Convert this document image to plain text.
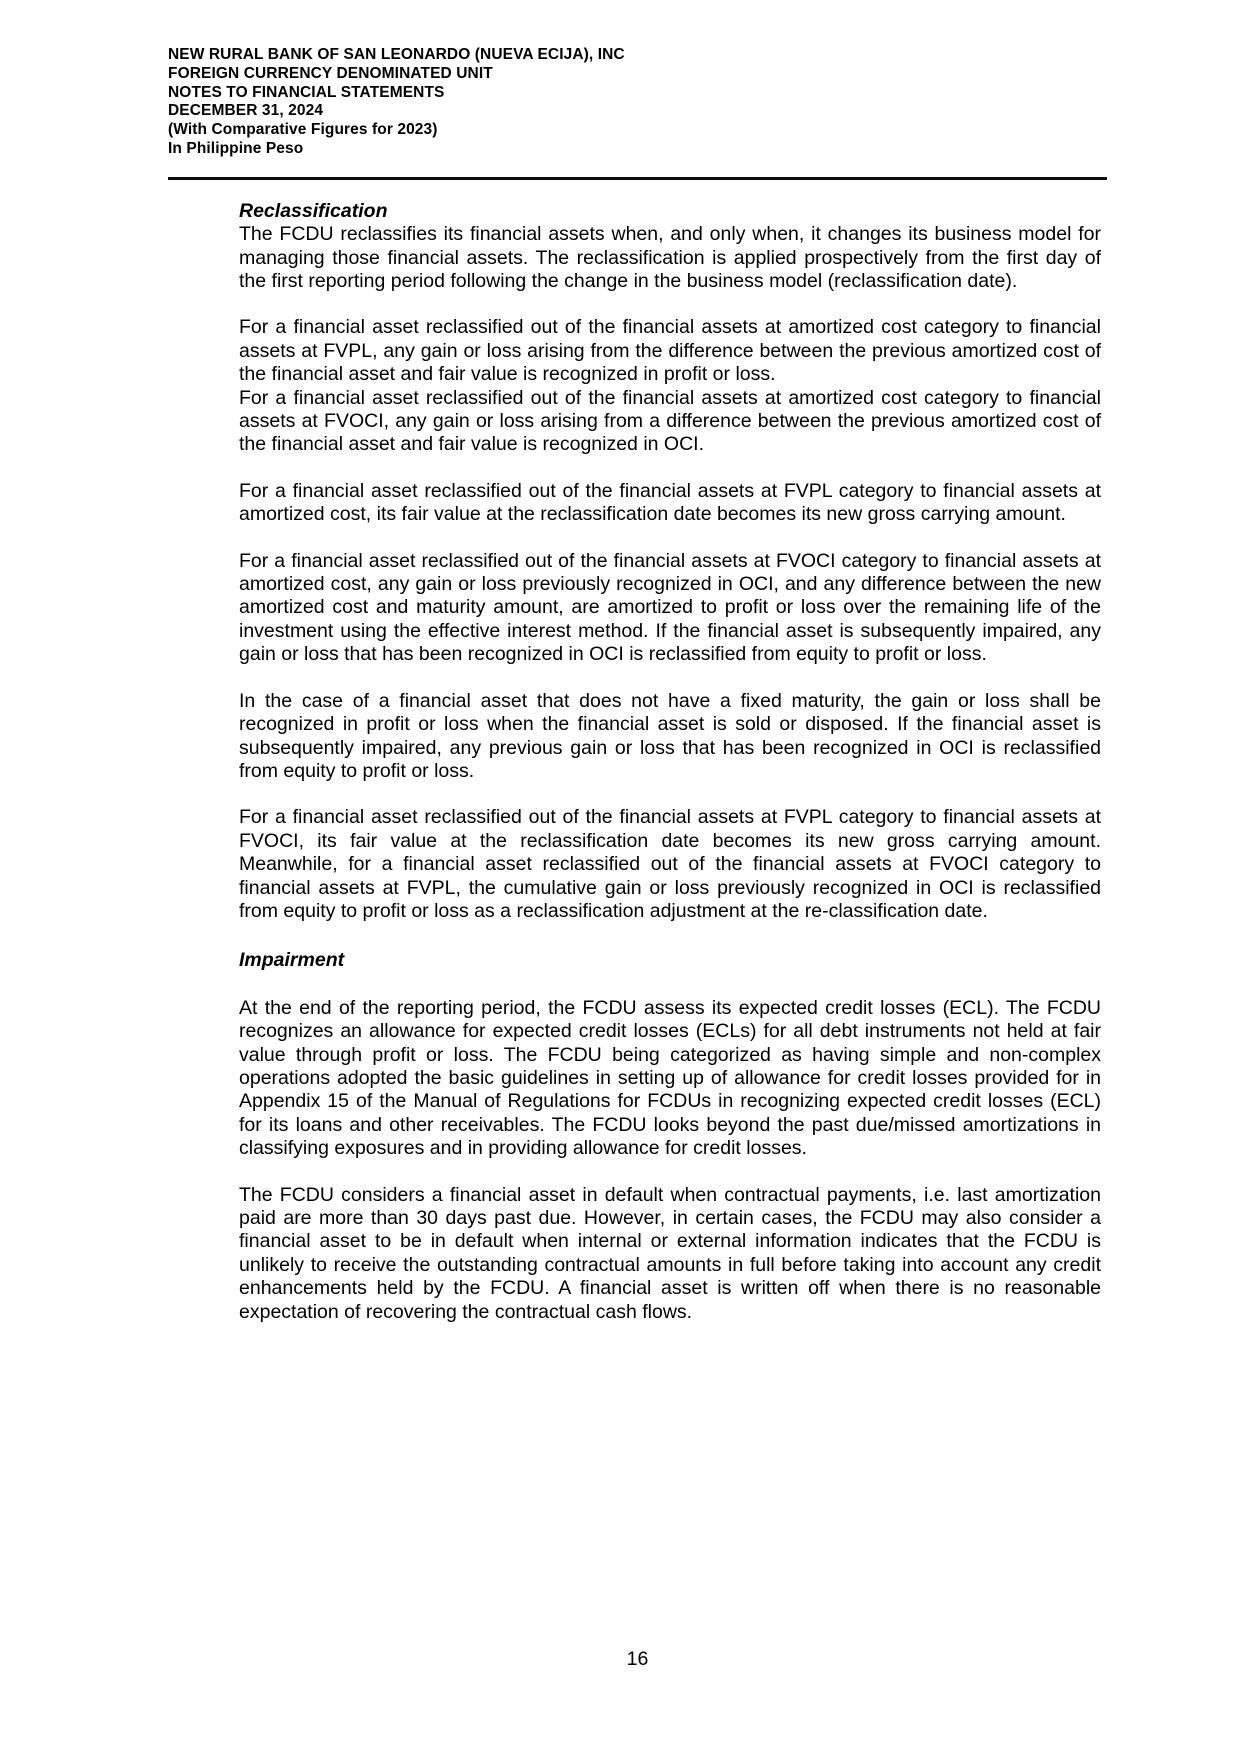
NEW RURAL BANK OF SAN LEONARDO (NUEVA ECIJA), INC
FOREIGN CURRENCY DENOMINATED UNIT
NOTES TO FINANCIAL STATEMENTS
DECEMBER 31, 2024
(With Comparative Figures for 2023)
In Philippine Peso
Reclassification

The FCDU reclassifies its financial assets when, and only when, it changes its business model for managing those financial assets. The reclassification is applied prospectively from the first day of the first reporting period following the change in the business model (reclassification date).

For a financial asset reclassified out of the financial assets at amortized cost category to financial assets at FVPL, any gain or loss arising from the difference between the previous amortized cost of the financial asset and fair value is recognized in profit or loss.

For a financial asset reclassified out of the financial assets at amortized cost category to financial assets at FVOCI, any gain or loss arising from a difference between the previous amortized cost of the financial asset and fair value is recognized in OCI.

For a financial asset reclassified out of the financial assets at FVPL category to financial assets at amortized cost, its fair value at the reclassification date becomes its new gross carrying amount.

For a financial asset reclassified out of the financial assets at FVOCI category to financial assets at amortized cost, any gain or loss previously recognized in OCI, and any difference between the new amortized cost and maturity amount, are amortized to profit or loss over the remaining life of the investment using the effective interest method. If the financial asset is subsequently impaired, any gain or loss that has been recognized in OCI is reclassified from equity to profit or loss.

In the case of a financial asset that does not have a fixed maturity, the gain or loss shall be recognized in profit or loss when the financial asset is sold or disposed. If the financial asset is subsequently impaired, any previous gain or loss that has been recognized in OCI is reclassified from equity to profit or loss.

For a financial asset reclassified out of the financial assets at FVPL category to financial assets at FVOCI, its fair value at the reclassification date becomes its new gross carrying amount. Meanwhile, for a financial asset reclassified out of the financial assets at FVOCI category to financial assets at FVPL, the cumulative gain or loss previously recognized in OCI is reclassified from equity to profit or loss as a reclassification adjustment at the re-classification date.

Impairment

At the end of the reporting period, the FCDU assess its expected credit losses (ECL). The FCDU recognizes an allowance for expected credit losses (ECLs) for all debt instruments not held at fair value through profit or loss. The FCDU being categorized as having simple and non-complex operations adopted the basic guidelines in setting up of allowance for credit losses provided for in Appendix 15 of the Manual of Regulations for FCDUs in recognizing expected credit losses (ECL) for its loans and other receivables. The FCDU looks beyond the past due/missed amortizations in classifying exposures and in providing allowance for credit losses.

The FCDU considers a financial asset in default when contractual payments, i.e. last amortization paid are more than 30 days past due. However, in certain cases, the FCDU may also consider a financial asset to be in default when internal or external information indicates that the FCDU is unlikely to receive the outstanding contractual amounts in full before taking into account any credit enhancements held by the FCDU. A financial asset is written off when there is no reasonable expectation of recovering the contractual cash flows.

16
